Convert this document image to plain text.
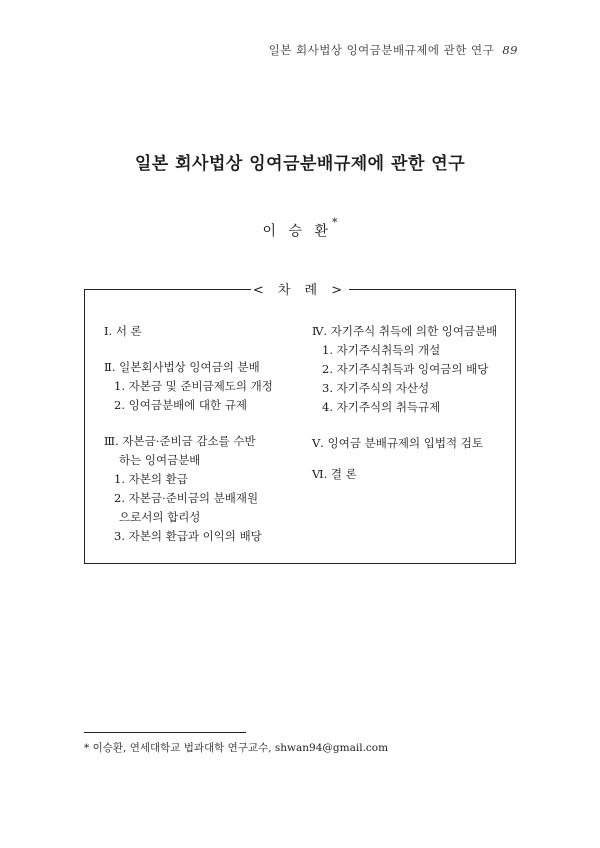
일본 회사법상 잉여금분배규제에 관한 연구 89
일본 회사법상 잉여금분배규제에 관한 연구
이 승 환*
< 차 례 >
Ⅰ. 서 론
Ⅱ. 일본회사법상 잉여금의 분배
1. 자본금 및 준비금제도의 개정
2. 잉여금분배에 대한 규제
Ⅲ. 자본금·준비금 감소를 수반
하는 잉여금분배
1. 자본의 환급
2. 자본금·준비금의 분배재원
으로서의 합리성
3. 자본의 환급과 이익의 배당
Ⅳ. 자기주식 취득에 의한 잉여금분배
1. 자기주식취득의 개설
2. 자기주식취득과 잉여금의 배당
3. 자기주식의 자산성
4. 자기주식의 취득규제
Ⅴ. 잉여금 분배규제의 입법적 검토
Ⅵ. 결 론
* 이승환, 연세대학교 법과대학 연구교수, shwan94@gmail.com
